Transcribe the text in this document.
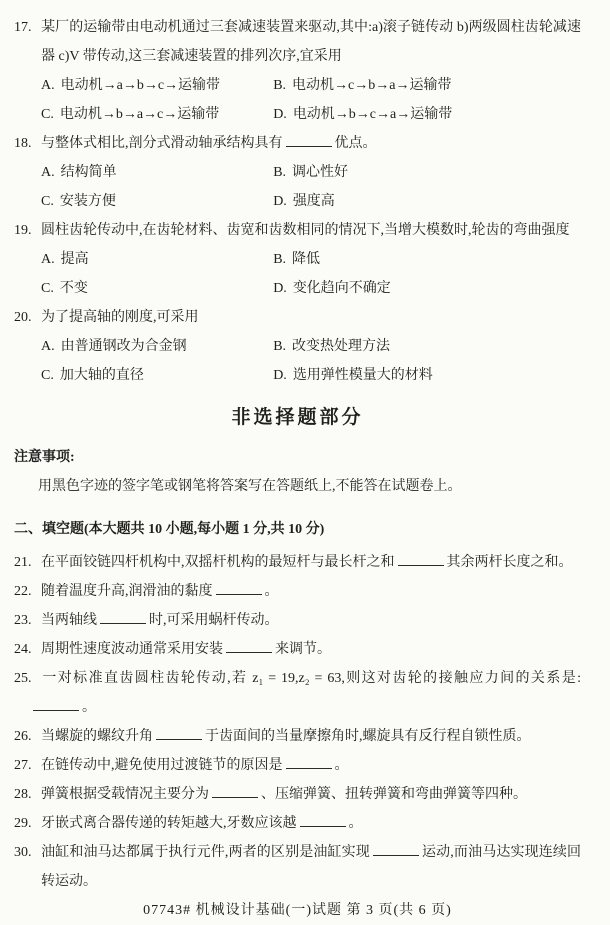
17. 某厂的运输带由电动机通过三套减速装置来驱动,其中:a)滚子链传动 b)两级圆柱齿轮减速器 c)V 带传动,这三套减速装置的排列次序,宜采用
A. 电动机→a→b→c→运输带	B. 电动机→c→b→a→运输带
C. 电动机→b→a→c→运输带	D. 电动机→b→c→a→运输带
18. 与整体式相比,剖分式滑动轴承结构具有	优点。
A. 结构简单	B. 调心性好
C. 安装方便	D. 强度高
19. 圆柱齿轮传动中,在齿轮材料、齿宽和齿数相同的情况下,当增大模数时,轮齿的弯曲强度
A. 提高	B. 降低
C. 不变	D. 变化趋向不确定
20. 为了提高轴的刚度,可采用
A. 由普通钢改为合金钢	B. 改变热处理方法
C. 加大轴的直径	D. 选用弹性模量大的材料
非选择题部分
注意事项:
用黑色字迹的签字笔或钢笔将答案写在答题纸上,不能答在试题卷上。
二、填空题(本大题共 10 小题,每小题 1 分,共 10 分)
21. 在平面铰链四杆机构中,双摇杆机构的最短杆与最长杆之和	其余两杆长度之和。
22. 随着温度升高,润滑油的黏度	。
23. 当两轴线	时,可采用蜗杆传动。
24. 周期性速度波动通常采用安装	来调节。
25. 一对标准直齿圆柱齿轮传动,若 z₁ = 19,z₂ = 63,则这对齿轮的接触应力间的关系是:
。
26. 当螺旋的螺纹升角	于齿面间的当量摩擦角时,螺旋具有反行程自锁性质。
27. 在链传动中,避免使用过渡链节的原因是	。
28. 弹簧根据受载情况主要分为	、压缩弹簧、扭转弹簧和弯曲弹簧等四种。
29. 牙嵌式离合器传递的转矩越大,牙数应该越	。
30. 油缸和油马达都属于执行元件,两者的区别是油缸实现	运动,而油马达实现连续回转运动。
07743# 机械设计基础(一)试题 第 3 页(共 6 页)
